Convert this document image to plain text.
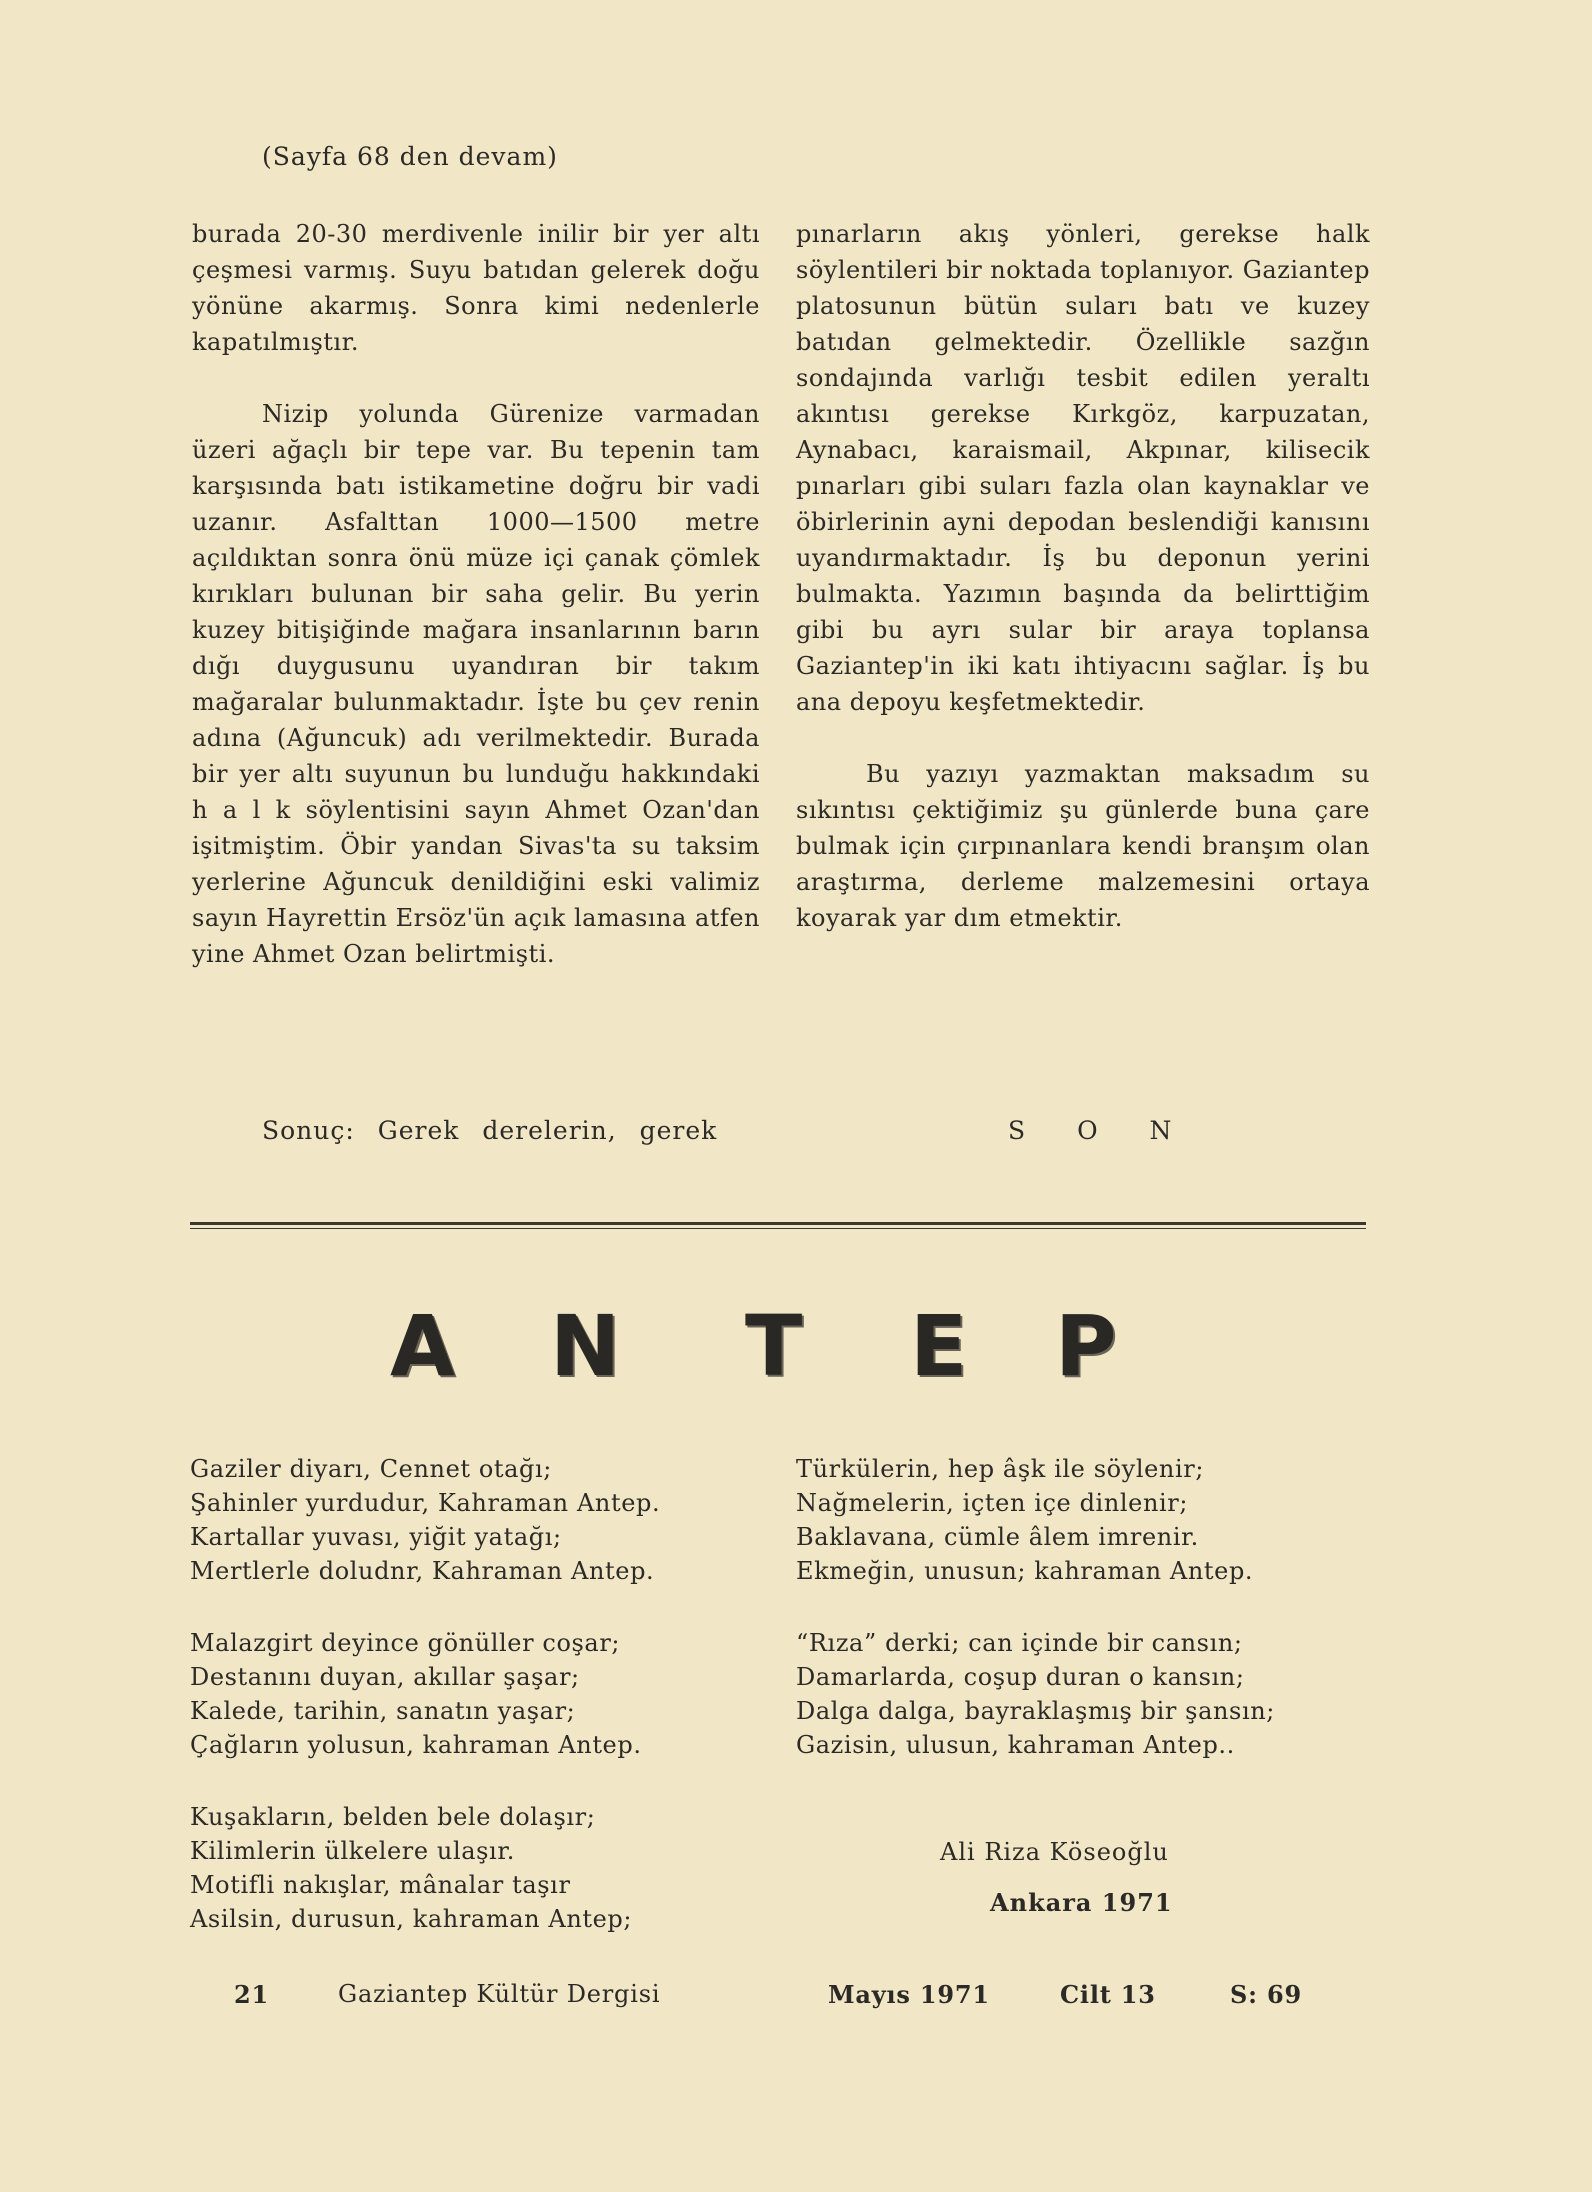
(Sayfa 68 den devam)

burada 20-30 merdivenle inilir bir yer altı çeşmesi varmış. Suyu batıdan gelerek doğu yönüne akarmış. Sonra kimi nedenlerle kapatılmıştır.

Nizip yolunda Gürenize varmadan üzeri ağaçlı bir tepe var. Bu tepenin tam karşısında batı istikametine doğru bir vadi uzanır. Asfalttan 1000—1500 metre açıldıktan sonra önü müze içi çanak çömlek kırıkları bulunan bir saha gelir. Bu yerin kuzey bitişiğinde mağara insanlarının barın dığı duygusunu uyandıran bir takım mağaralar bulunmaktadır. İşte bu çev renin adına (Ağuncuk) adı verilmektedir. Burada bir yer altı suyunun bu lunduğu hakkındaki h a l k söylentisini sayın Ahmet Ozan'dan işitmiştim. Öbir yandan Sivas'ta su taksim yerlerine Ağuncuk denildiğini eski valimiz sayın Hayrettin Ersöz'ün açık lamasına atfen yine Ahmet Ozan belirtmişti.

Sonuç: Gerek derelerin, gerek

pınarların akış yönleri, gerekse halk söylentileri bir noktada toplanıyor. Gaziantep platosunun bütün suları batı ve kuzey batıdan gelmektedir. Özellikle sazğın sondajında varlığı tesbit edilen yeraltı akıntısı gerekse Kırkgöz, karpuzatan, Aynabacı, karaismail, Akpınar, kilisecik pınarları gibi suları fazla olan kaynaklar ve öbirlerinin ayni depodan beslendiği kanısını uyandırmaktadır. İş bu deponun yerini bulmakta. Yazımın başında da belirttiğim gibi bu ayrı sular bir araya toplansa Gaziantep'in iki katı ihtiyacını sağlar. İş bu ana depoyu keşfetmektedir.

Bu yazıyı yazmaktan maksadım su sıkıntısı çektiğimiz şu günlerde buna çare bulmak için çırpınanlara kendi branşım olan araştırma, derleme malzemesini ortaya koyarak yar dım etmektir.

S O N
A N T E P
Gaziler diyarı, Cennet otağı;
Şahinler yurdudur, Kahraman Antep.
Kartallar yuvası, yiğit yatağı;
Mertlerle doludnr, Kahraman Antep.
Malazgirt deyince gönüller coşar;
Destanını duyan, akıllar şaşar;
Kalede, tarihin, sanatın yaşar;
Çağların yolusun, kahraman Antep.
Kuşakların, belden bele dolaşır;
Kilimlerin ülkelere ulaşır.
Motifli nakışlar, mânalar taşır
Asilsin, durusun, kahraman Antep;
Türkülerin, hep âşk ile söylenir;
Nağmelerin, içten içe dinlenir;
Baklavana, cümle âlem imrenir.
Ekmeğin, unusun; kahraman Antep.
“Rıza” derki; can içinde bir cansın;
Damarlarda, coşup duran o kansın;
Dalga dalga, bayraklaşmış bir şansın;
Gazisin, ulusun, kahraman Antep..
Ali Riza Köseoğlu
Ankara 1971
21	Gaziantep Kültür Dergisi	Mayıs 1971	Cilt 13	S: 69
